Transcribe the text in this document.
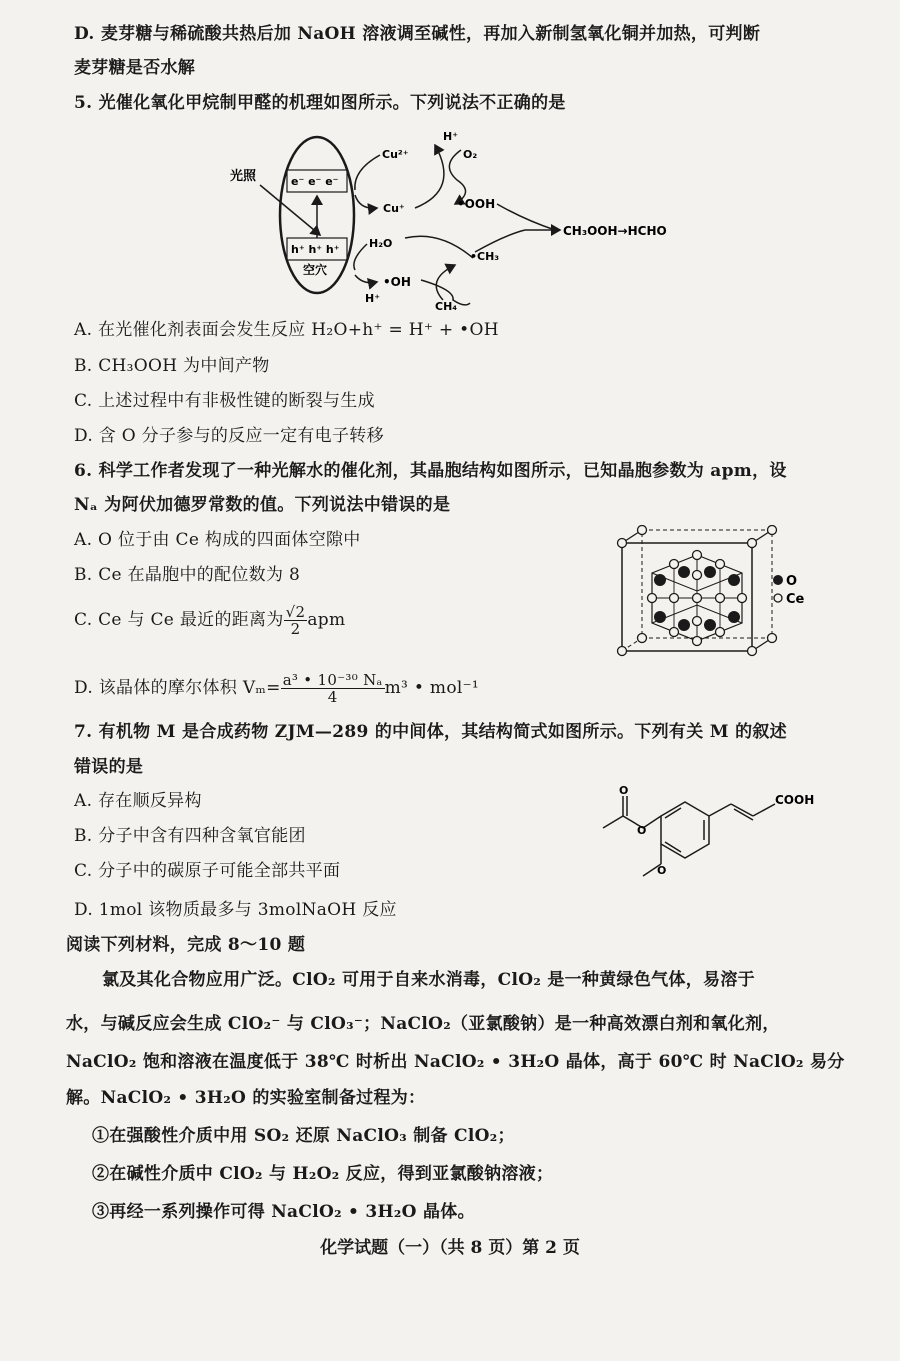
D. 麦芽糖与稀硫酸共热后加 NaOH 溶液调至碱性，再加入新制氢氧化铜并加热，可判断
麦芽糖是否水解
5. 光催化氧化甲烷制甲醛的机理如图所示。下列说法不正确的是
光照	e⁻ e⁻ e⁻
h⁺ h⁺ h⁺
空穴
Cu²⁺
Cu⁺
H⁺
O₂
•OOH
CH₃OOH→HCHO
H₂O
H⁺
•OH
•CH₃
CH₄
A. 在光催化剂表面会发生反应 H₂O+h⁺ = H⁺ + •OH
B. CH₃OOH 为中间产物
C. 上述过程中有非极性键的断裂与生成
D. 含 O 分子参与的反应一定有电子转移
6. 科学工作者发现了一种光解水的催化剂，其晶胞结构如图所示，已知晶胞参数为 apm，设
Nₐ 为阿伏加德罗常数的值。下列说法中错误的是
A. O 位于由 Ce 构成的四面体空隙中
B. Ce 在晶胞中的配位数为 8
C. Ce 与 Ce 最近的距离为 $\frac{√2}{2}$ apm
D. 该晶体的摩尔体积 $V_m= \frac{\text{a³ • 10⁻³⁰ Nₐ}}{4} m^3$ • mol⁻¹
O
Ce
7. 有机物 M 是合成药物 ZJM—289 的中间体，其结构简式如图所示。下列有关 M 的叙述
错误的是
A. 存在顺反异构
B. 分子中含有四种含氧官能团
C. 分子中的碳原子可能全部共平面
D. 1mol 该物质最多与 3molNaOH 反应
O
O
O
COOH
阅读下列材料，完成 8～10 题
氯及其化合物应用广泛。ClO₂ 可用于自来水消毒，ClO₂ 是一种黄绿色气体，易溶于
水，与碱反应会生成 ClO₂⁻ 与 ClO₃⁻；NaClO₂（亚氯酸钠）是一种高效漂白剂和氧化剂，
NaClO₂ 饱和溶液在温度低于 38℃ 时析出 NaClO₂ • 3H₂O 晶体，高于 60℃ 时 NaClO₂ 易分
解。NaClO₂ • 3H₂O 的实验室制备过程为：
①在强酸性介质中用 SO₂ 还原 NaClO₃ 制备 ClO₂；
②在碱性介质中 ClO₂ 与 H₂O₂ 反应，得到亚氯酸钠溶液；
③再经一系列操作可得 NaClO₂ • 3H₂O 晶体。
化学试题（一）（共 8 页）第 2 页
